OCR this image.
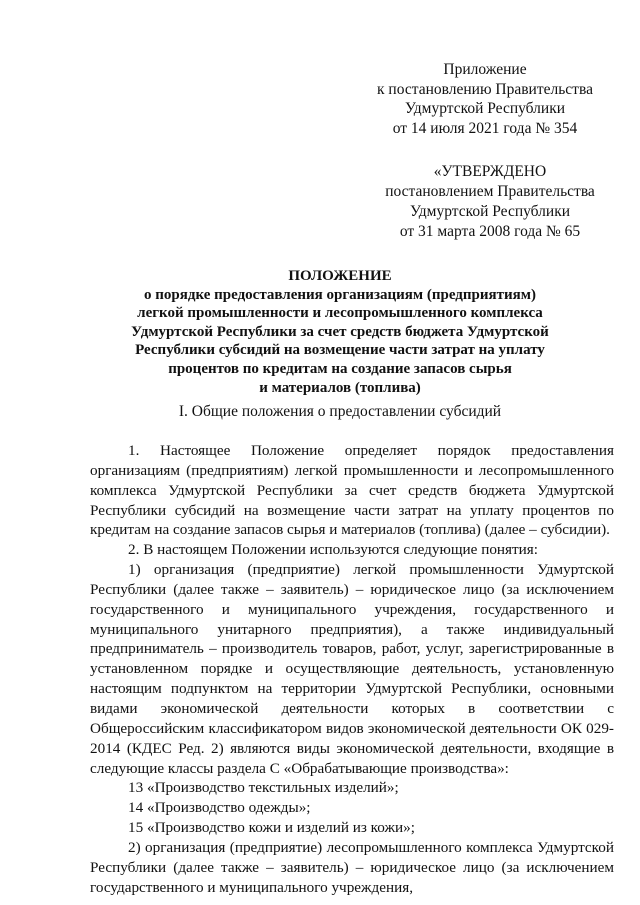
Приложение
к постановлению Правительства
Удмуртской Республики
от 14 июля 2021 года № 354
«УТВЕРЖДЕНО
постановлением Правительства
Удмуртской Республики
от 31 марта 2008 года № 65
ПОЛОЖЕНИЕ
о порядке предоставления организациям (предприятиям)
легкой промышленности и лесопромышленного комплекса
Удмуртской Республики за счет средств бюджета Удмуртской
Республики субсидий на возмещение части затрат на уплату
процентов по кредитам на создание запасов сырья
и материалов (топлива)
I. Общие положения о предоставлении субсидий

1. Настоящее Положение определяет порядок предоставления организациям (предприятиям) легкой промышленности и лесопромышленного комплекса Удмуртской Республики за счет средств бюджета Удмуртской Республики субсидий на возмещение части затрат на уплату процентов по кредитам на создание запасов сырья и материалов (топлива) (далее – субсидии).

2. В настоящем Положении используются следующие понятия:

1) организация (предприятие) легкой промышленности Удмуртской Республики (далее также – заявитель) – юридическое лицо (за исключением государственного и муниципального учреждения, государственного и муниципального унитарного предприятия), а также индивидуальный предприниматель – производитель товаров, работ, услуг, зарегистрированные в установленном порядке и осуществляющие деятельность, установленную настоящим подпунктом на территории Удмуртской Республики, основными видами экономической деятельности которых в соответствии с Общероссийским классификатором видов экономической деятельности ОК 029-2014 (КДЕС Ред. 2) являются виды экономической деятельности, входящие в следующие классы раздела С «Обрабатывающие производства»:

13 «Производство текстильных изделий»;

14 «Производство одежды»;

15 «Производство кожи и изделий из кожи»;

2) организация (предприятие) лесопромышленного комплекса Удмуртской Республики (далее также – заявитель) – юридическое лицо (за исключением государственного и муниципального учреждения,
